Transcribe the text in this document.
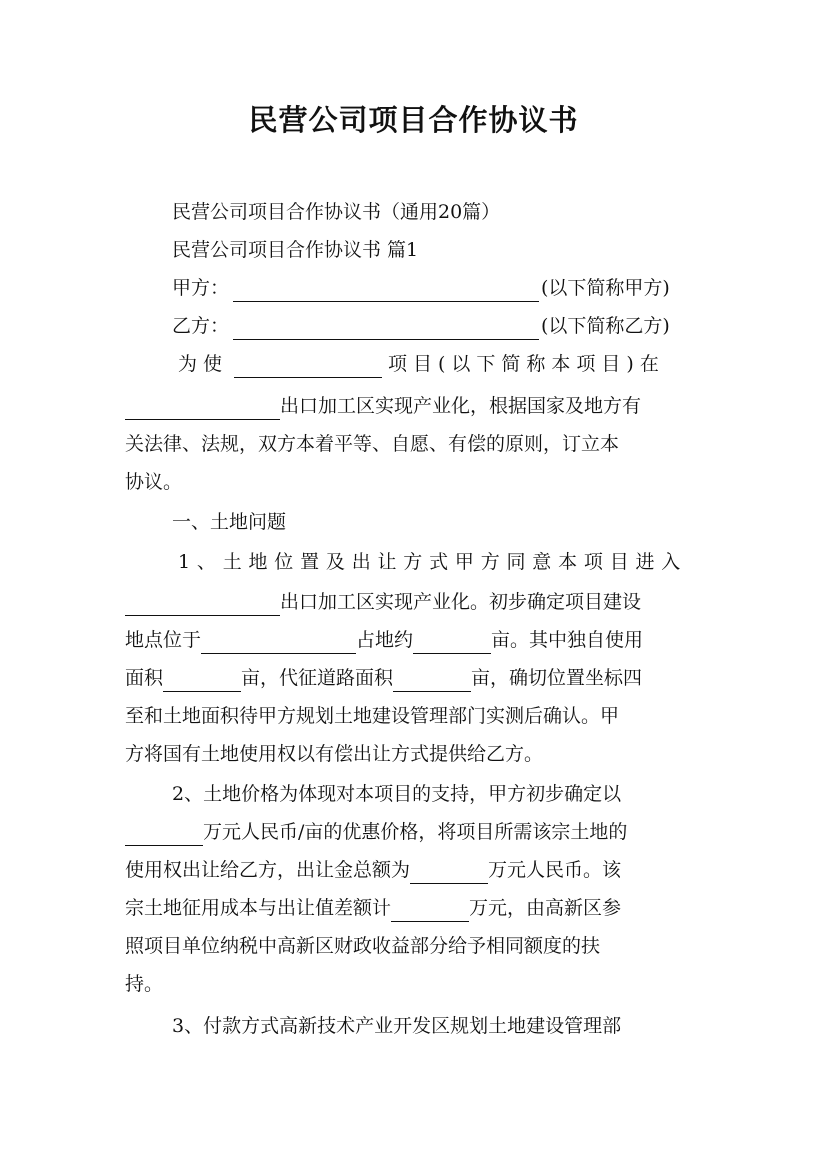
民营公司项目合作协议书
民营公司项目合作协议书（通用20篇）
民营公司项目合作协议书 篇1
甲方：	(以下简称甲方)
乙方：	(以下简称乙方)
为使	项目(以下简称本项目)在
出口加工区实现产业化，根据国家及地方有
关法律、法规，双方本着平等、自愿、有偿的原则，订立本
协议。
一、土地问题
1、土地位置及出让方式甲方同意本项目进入
出口加工区实现产业化。初步确定项目建设
地点位于	占地约	亩。其中独自使用
面积	亩，代征道路面积	亩，确切位置坐标四
至和土地面积待甲方规划土地建设管理部门实测后确认。甲
方将国有土地使用权以有偿出让方式提供给乙方。
2、土地价格为体现对本项目的支持，甲方初步确定以
万元人民币/亩的优惠价格，将项目所需该宗土地的
使用权出让给乙方，出让金总额为	万元人民币。该
宗土地征用成本与出让值差额计	万元，由高新区参
照项目单位纳税中高新区财政收益部分给予相同额度的扶
持。
3、付款方式高新技术产业开发区规划土地建设管理部
